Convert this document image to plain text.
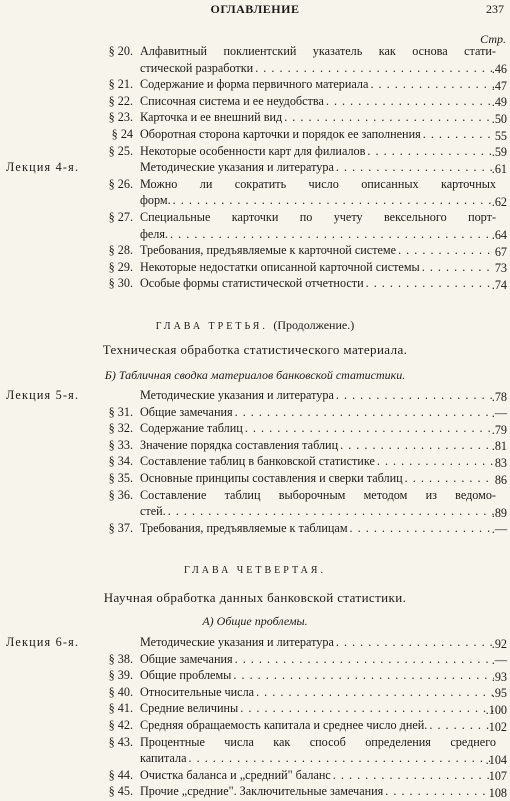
ОГЛАВЛЕНИЕ	237
Стр.
§ 20. Алфавитный поклиентский указатель как основа стати-
стической разработки . . .	.46
§ 21. Содержание и форма первичного материала . . .	.47
§ 22. Списочная система и ее неудобства . . .	.49
§ 23. Карточка и ее внешний вид . . .	.50
§ 24 Оборотная сторона карточки и порядок ее заполнения . . .	55
§ 25. Некоторые особенности карт для филиалов . . .	.59
Лекция 4-я.	Методические указания и литература . . .	.61
§ 26. Можно ли сократить число описанных карточных
форм. . . .	.62
§ 27. Специальные карточки по учету вексельного порт-
феля. . . .	.64
§ 28. Требования, предъявляемые к карточной системе . . .	67
§ 29. Некоторые недостатки описанной карточной системы . . .	73
§ 30. Особые формы статистической отчетности . . .	.74
ГЛАВА ТРЕТЬЯ. (Продолжение.)
Техническая обработка статистического материала.
Б) Табличная сводка материалов банковской статистики.
Лекция 5-я.	Методические указания и литература . . .	.78
§ 31. Общие замечания . . .	.—
§ 32. Содержание таблиц . . .	.79
§ 33. Значение порядка составления таблиц . . .	.81
§ 34. Составление таблиц в банковской статистике . . .	83
§ 35. Основные принципы составления и сверки таблиц . . .	86
§ 36. Составление таблиц выборочным методом из ведомо-
стей. . . .	.89
§ 37. Требования, предъявляемые к таблицам . . .	.—
ГЛАВА ЧЕТВЕРТАЯ.
Научная обработка данных банковской статистики.
А) Общие проблемы.
Лекция 6-я.	Методические указания и литература . . .	.92
§ 38. Общие замечания . . .	.—
§ 39. Общие проблемы . . .	.93
§ 40. Относительные числа . . .	.95
§ 41. Средние величины . . .	.100
§ 42. Средняя обращаемость капитала и среднее число дней. . . .	102
§ 43. Процентные числа как способ определения среднего
капитала . . .	.104
§ 44. Очистка баланса и „средний" баланс . . .	107
§ 45. Прочие „средние". Заключительные замечания . . .	108
